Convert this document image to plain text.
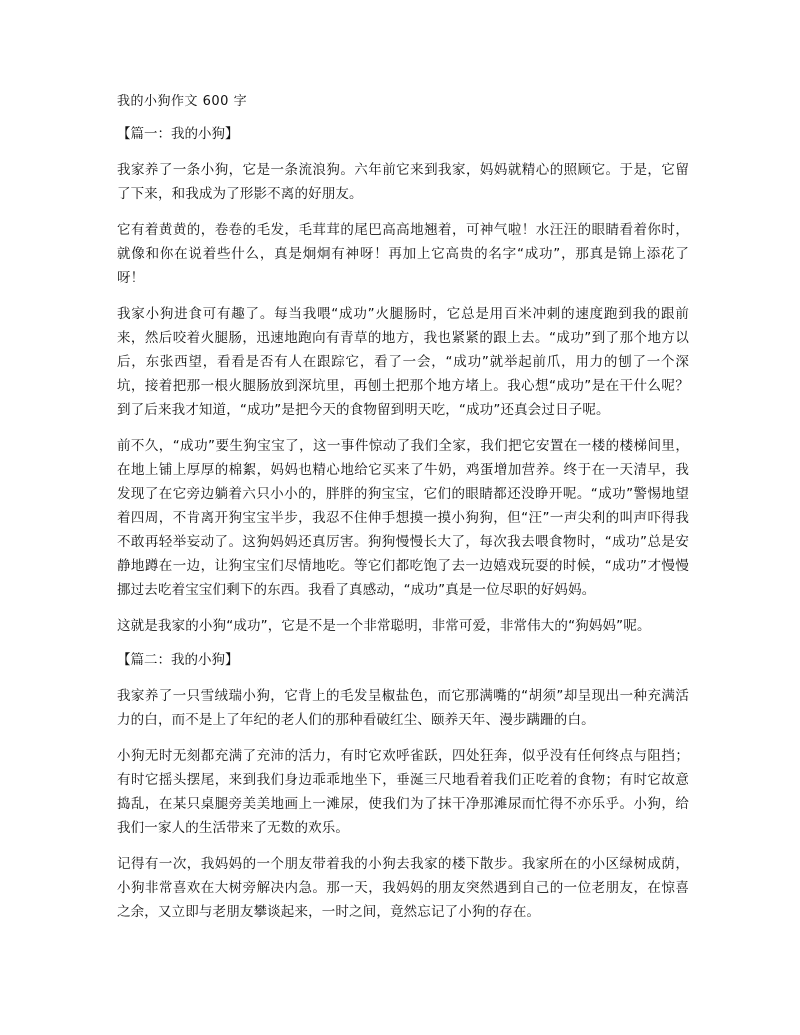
我的小狗作文 600 字
【篇一：我的小狗】

我家养了一条小狗，它是一条流浪狗。六年前它来到我家，妈妈就精心的照顾它。于是，它留了下来，和我成为了形影不离的好朋友。

它有着黄黄的，卷卷的毛发，毛茸茸的尾巴高高地翘着，可神气啦！水汪汪的眼睛看着你时，就像和你在说着些什么，真是炯炯有神呀！再加上它高贵的名字“成功”，那真是锦上添花了呀！

我家小狗进食可有趣了。每当我喂“成功”火腿肠时，它总是用百米冲刺的速度跑到我的跟前来，然后咬着火腿肠，迅速地跑向有青草的地方，我也紧紧的跟上去。“成功”到了那个地方以后，东张西望，看看是否有人在跟踪它，看了一会，“成功”就举起前爪，用力的刨了一个深坑，接着把那一根火腿肠放到深坑里，再刨土把那个地方堵上。我心想“成功”是在干什么呢？到了后来我才知道，“成功”是把今天的食物留到明天吃，“成功”还真会过日子呢。

前不久，“成功”要生狗宝宝了，这一事件惊动了我们全家，我们把它安置在一楼的楼梯间里，在地上铺上厚厚的棉絮，妈妈也精心地给它买来了牛奶，鸡蛋增加营养。终于在一天清早，我发现了在它旁边躺着六只小小的，胖胖的狗宝宝，它们的眼睛都还没睁开呢。“成功”警惕地望着四周，不肯离开狗宝宝半步，我忍不住伸手想摸一摸小狗狗，但“汪”一声尖利的叫声吓得我不敢再轻举妄动了。这狗妈妈还真厉害。狗狗慢慢长大了，每次我去喂食物时，“成功”总是安静地蹲在一边，让狗宝宝们尽情地吃。等它们都吃饱了去一边嬉戏玩耍的时候，“成功”才慢慢挪过去吃着宝宝们剩下的东西。我看了真感动，“成功”真是一位尽职的好妈妈。

这就是我家的小狗“成功”，它是不是一个非常聪明，非常可爱，非常伟大的“狗妈妈”呢。

【篇二：我的小狗】

我家养了一只雪绒瑞小狗，它背上的毛发呈椒盐色，而它那满嘴的“胡须”却呈现出一种充满活力的白，而不是上了年纪的老人们的那种看破红尘、颐养天年、漫步蹒跚的白。

小狗无时无刻都充满了充沛的活力，有时它欢呼雀跃，四处狂奔，似乎没有任何终点与阻挡；有时它摇头摆尾，来到我们身边乖乖地坐下，垂涎三尺地看着我们正吃着的食物；有时它故意捣乱，在某只桌腿旁美美地画上一滩尿，使我们为了抹干净那滩尿而忙得不亦乐乎。小狗，给我们一家人的生活带来了无数的欢乐。

记得有一次，我妈妈的一个朋友带着我的小狗去我家的楼下散步。我家所在的小区绿树成荫，小狗非常喜欢在大树旁解决内急。那一天，我妈妈的朋友突然遇到自己的一位老朋友，在惊喜之余，又立即与老朋友攀谈起来，一时之间，竟然忘记了小狗的存在。
